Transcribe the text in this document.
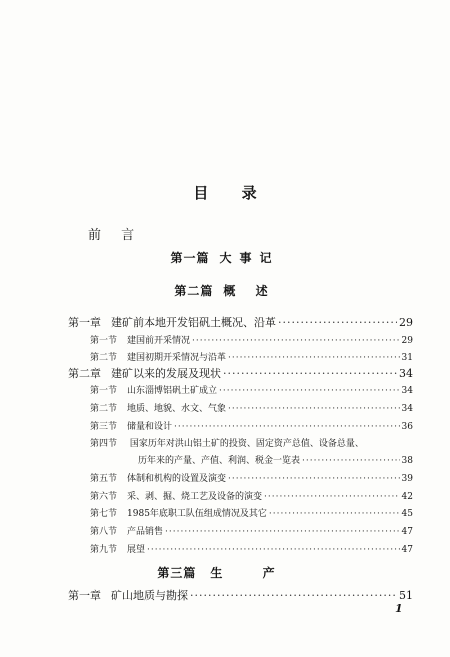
目 录
前 言
第一篇 大事记
第二篇 概 述
第一章 建矿前本地开发铝矾土概况、沿革 ·····	29
第一节 建国前开采情况 ·····	29
第二节 建国初期开采情况与沿革 ·····	31
第二章 建矿以来的发展及现状 ·····	34
第一节 山东淄博铝矾土矿成立 ·····	34
第二节 地质、地貌、水文、气象 ·····	34
第三节 储量和设计 ·····	36
第四节 国家历年对洪山铝土矿的投资、固定资产总值、设备总量、
历年来的产量、产值、利润、税金一览表 ·····	38
第五节 体制和机构的设置及演变 ·····	39
第六节 采、剥、掘、烧工艺及设备的演变 ·····	42
第七节 1985年底职工队伍组成情况及其它 ·····	45
第八节 产品销售 ·····	47
第九节 展望 ·····	47
第三篇 生 产
第一章 矿山地质与勘探 ·····	51
1
